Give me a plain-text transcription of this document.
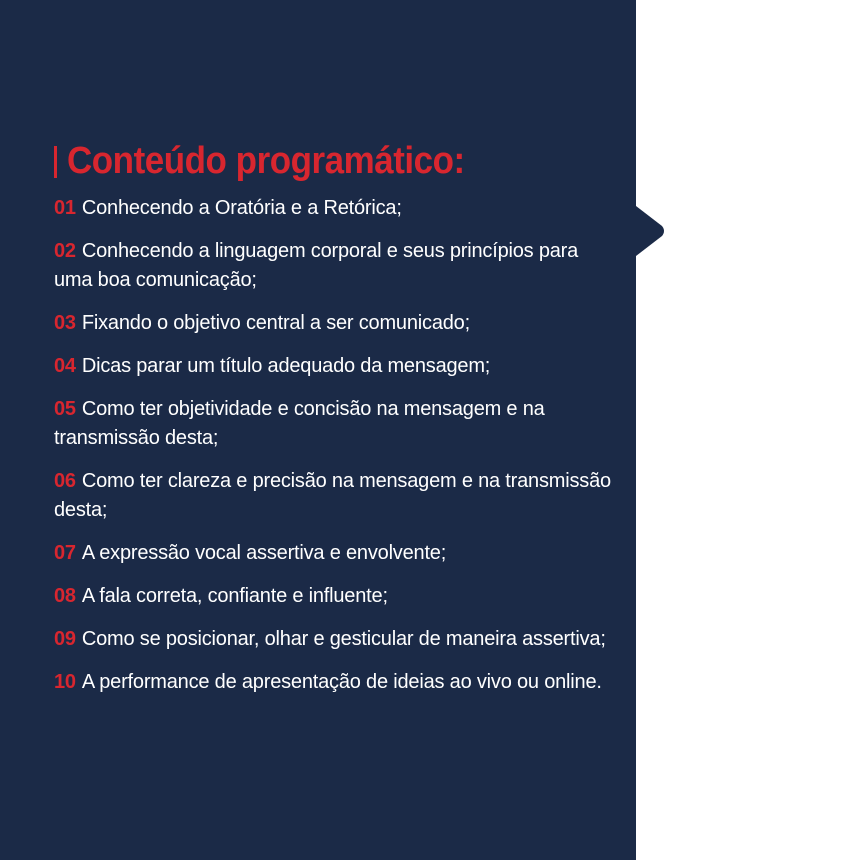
Conteúdo programático:
01 Conhecendo a Oratória e a Retórica;
02 Conhecendo a linguagem corporal e seus princípios para uma boa comunicação;
03 Fixando o objetivo central a ser comunicado;
04 Dicas parar um título adequado da mensagem;
05 Como ter objetividade e concisão na mensagem e na transmissão desta;
06 Como ter clareza e precisão na mensagem e na transmissão desta;
07 A expressão vocal assertiva e envolvente;
08 A fala correta, confiante e influente;
09 Como se posicionar, olhar e gesticular de maneira assertiva;
10 A performance de apresentação de ideias ao vivo ou online.
